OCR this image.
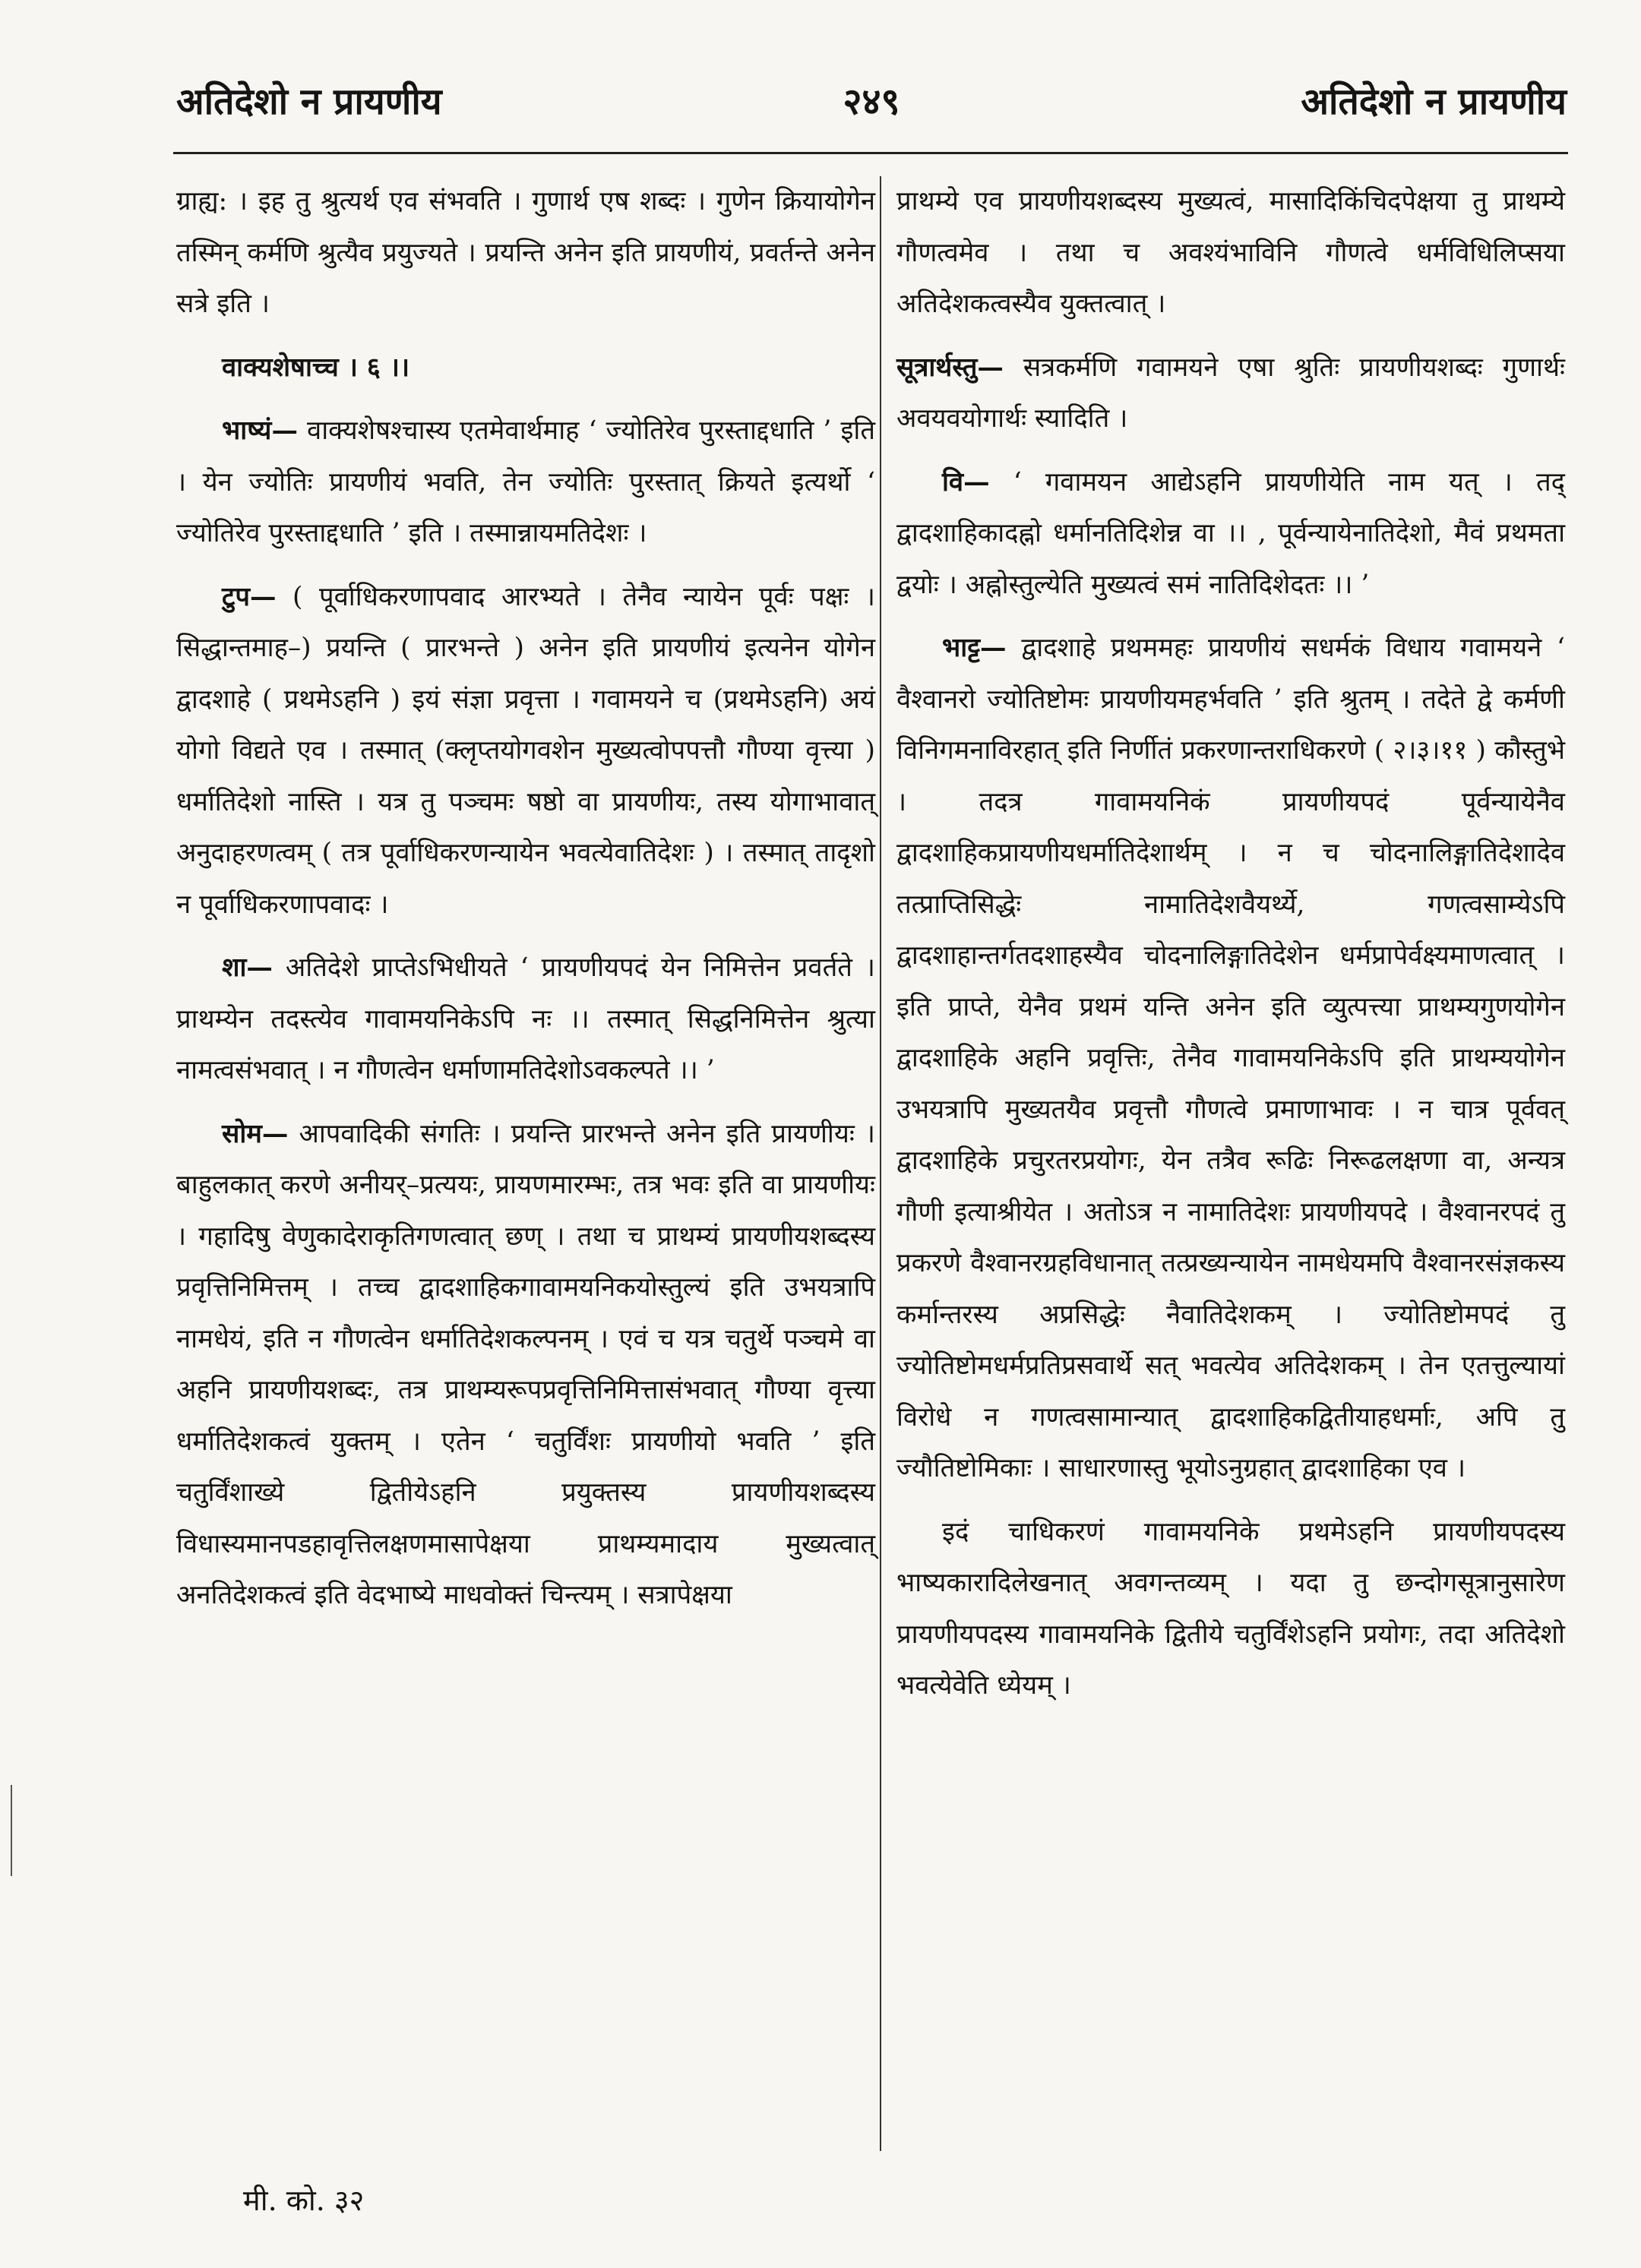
अतिदेशो न प्रायणीय	२४९	अतिदेशो न प्रायणीय

ग्राह्य: । इह तु श्रुत्यर्थ एव संभवति । गुणार्थ एष शब्दः । गुणेन क्रियायोगेन तस्मिन् कर्मणि श्रुत्यैव प्रयुज्यते । प्रयन्ति अनेन इति प्रायणीयं, प्रवर्तन्ते अनेन सत्रे इति ।

वाक्यशेषाच्च । ६ ।।

भाष्यं— वाक्यशेषश्चास्य एतमेवार्थमाह ‘ ज्योतिरेव पुरस्ताद्दधाति ’ इति । येन ज्योतिः प्रायणीयं भवति, तेन ज्योतिः पुरस्तात् क्रियते इत्यर्थो ‘ ज्योतिरेव पुरस्ताद्दधाति ’ इति । तस्मान्नायमतिदेशः ।

टुप— ( पूर्वाधिकरणापवाद आरभ्यते । तेनैव न्यायेन पूर्वः पक्षः । सिद्धान्तमाह–) प्रयन्ति ( प्रारभन्ते ) अनेन इति प्रायणीयं इत्यनेन योगेन द्वादशाहे ( प्रथमेऽहनि ) इयं संज्ञा प्रवृत्ता । गवामयने च (प्रथमेऽहनि) अयं योगो विद्यते एव । तस्मात् (क्लृप्तयोगवशेन मुख्यत्वोपपत्तौ गौण्या वृत्त्या ) धर्मातिदेशो नास्ति । यत्र तु पञ्चमः षष्ठो वा प्रायणीयः, तस्य योगाभावात् अनुदाहरणत्वम् ( तत्र पूर्वाधिकरणन्यायेन भवत्येवातिदेशः ) । तस्मात् तादृशो न पूर्वाधिकरणापवादः ।

शा— अतिदेशे प्राप्तेऽभिधीयते ‘ प्रायणीयपदं येन निमित्तेन प्रवर्तते । प्राथम्येन तदस्त्येव गावामयनिकेऽपि नः ।। तस्मात् सिद्धनिमित्तेन श्रुत्या नामत्वसंभवात् । न गौणत्वेन धर्माणामतिदेशोऽवकल्पते ।। ’

सोम— आपवादिकी संगतिः । प्रयन्ति प्रारभन्ते अनेन इति प्रायणीयः । बाहुलकात् करणे अनीयर्–प्रत्ययः, प्रायणमारम्भः, तत्र भवः इति वा प्रायणीयः । गहादिषु वेणुकादेराकृतिगणत्वात् छण् । तथा च प्राथम्यं प्रायणीयशब्दस्य प्रवृत्तिनिमित्तम् । तच्च द्वादशाहिकगावामयनिकयोस्तुल्यं इति उभयत्रापि नामधेयं, इति न गौणत्वेन धर्मातिदेशकल्पनम् । एवं च यत्र चतुर्थे पञ्चमे वा अहनि प्रायणीयशब्दः, तत्र प्राथम्यरूपप्रवृत्तिनिमित्तासंभवात् गौण्या वृत्त्या धर्मातिदेशकत्वं युक्तम् । एतेन ‘ चतुर्विंशः प्रायणीयो भवति ’ इति चतुर्विंशाख्ये द्वितीयेऽहनि प्रयुक्तस्य प्रायणीयशब्दस्य विधास्यमानपडहावृत्तिलक्षणमासापेक्षया प्राथम्यमादाय मुख्यत्वात् अनतिदेशकत्वं इति वेदभाष्ये माधवोक्तं चिन्त्यम् । सत्रापेक्षया

प्राथम्ये एव प्रायणीयशब्दस्य मुख्यत्वं, मासादिकिंचिदपेक्षया तु प्राथम्ये गौणत्वमेव । तथा च अवश्यंभाविनि गौणत्वे धर्मविधिलिप्सया अतिदेशकत्वस्यैव युक्तत्वात् ।

सूत्रार्थस्तु— सत्रकर्मणि गवामयने एषा श्रुतिः प्रायणीयशब्दः गुणार्थः अवयवयोगार्थः स्यादिति ।

वि— ‘ गवामयन आद्येऽहनि प्रायणीयेति नाम यत् । तद् द्वादशाहिकादह्नो धर्मानतिदिशेन्न वा ।। , पूर्वन्यायेनातिदेशो, मैवं प्रथमता द्वयोः । अह्नोस्तुल्येति मुख्यत्वं समं नातिदिशेदतः ।। ’

भाट्ट— द्वादशाहे प्रथममहः प्रायणीयं सधर्मकं विधाय गवामयने ‘ वैश्वानरो ज्योतिष्टोमः प्रायणीयमहर्भवति ’ इति श्रुतम् । तदेते द्वे कर्मणी विनिगमनाविरहात् इति निर्णीतं प्रकरणान्तराधिकरणे ( २।३।११ ) कौस्तुभे । तदत्र गावामयनिकं प्रायणीयपदं पूर्वन्यायेनैव द्वादशाहिकप्रायणीयधर्मातिदेशार्थम् । न च चोदनालिङ्गातिदेशादेव तत्प्राप्तिसिद्धेः नामातिदेशवैयर्थ्ये, गणत्वसाम्येऽपि द्वादशाहान्तर्गतदशाहस्यैव चोदनालिङ्गातिदेशेन धर्मप्रापेर्वक्ष्यमाणत्वात् । इति प्राप्ते, येनैव प्रथमं यन्ति अनेन इति व्युत्पत्त्या प्राथम्यगुणयोगेन द्वादशाहिके अहनि प्रवृत्तिः, तेनैव गावामयनिकेऽपि इति प्राथम्ययोगेन उभयत्रापि मुख्यतयैव प्रवृत्तौ गौणत्वे प्रमाणाभावः । न चात्र पूर्ववत् द्वादशाहिके प्रचुरतरप्रयोगः, येन तत्रैव रूढिः निरूढलक्षणा वा, अन्यत्र गौणी इत्याश्रीयेत । अतोऽत्र न नामातिदेशः प्रायणीयपदे । वैश्वानरपदं तु प्रकरणे वैश्वानरग्रहविधानात् तत्प्रख्यन्यायेन नामधेयमपि वैश्वानरसंज्ञकस्य कर्मान्तरस्य अप्रसिद्धेः नैवातिदेशकम् । ज्योतिष्टोमपदं तु ज्योतिष्टोमधर्मप्रतिप्रसवार्थे सत् भवत्येव अतिदेशकम् । तेन एतत्तुल्यायां विरोधे न गणत्वसामान्यात् द्वादशाहिकद्वितीयाहधर्माः, अपि तु ज्यौतिष्टोमिकाः । साधारणास्तु भूयोऽनुग्रहात् द्वादशाहिका एव ।

इदं चाधिकरणं गावामयनिके प्रथमेऽहनि प्रायणीयपदस्य भाष्यकारादिलेखनात् अवगन्तव्यम् । यदा तु छन्दोगसूत्रानुसारेण प्रायणीयपदस्य गावामयनिके द्वितीये चतुर्विंशेऽहनि प्रयोगः, तदा अतिदेशो भवत्येवेति ध्येयम् ।

मी. को. ३२
